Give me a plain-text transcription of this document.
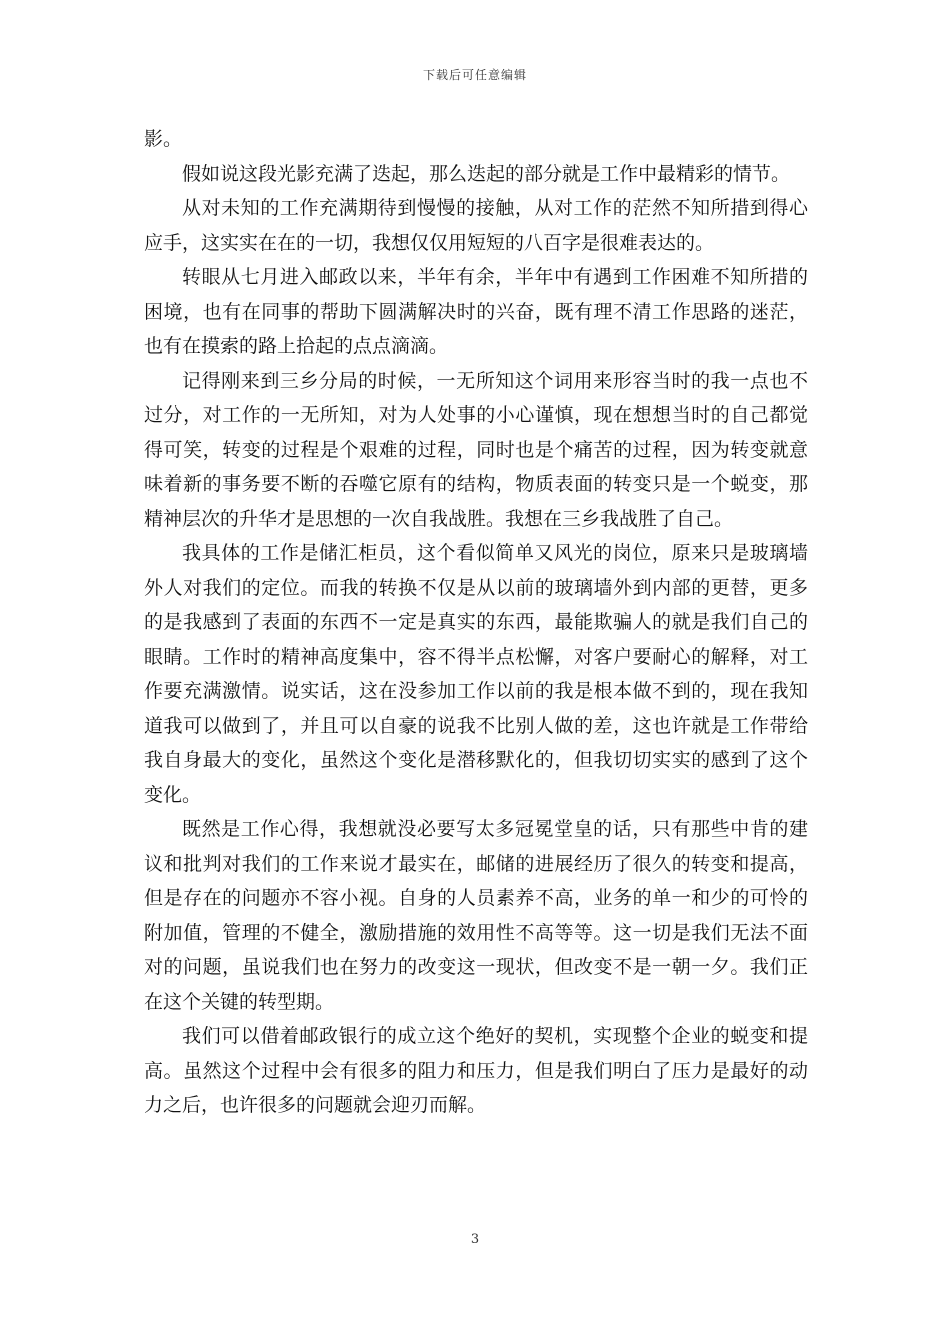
下载后可任意编辑

影。

假如说这段光影充满了迭起，那么迭起的部分就是工作中最精彩的情节。

从对未知的工作充满期待到慢慢的接触，从对工作的茫然不知所措到得心应手，这实实在在的一切，我想仅仅用短短的八百字是很难表达的。

转眼从七月进入邮政以来，半年有余，半年中有遇到工作困难不知所措的困境，也有在同事的帮助下圆满解决时的兴奋，既有理不清工作思路的迷茫，也有在摸索的路上拾起的点点滴滴。

记得刚来到三乡分局的时候，一无所知这个词用来形容当时的我一点也不过分，对工作的一无所知，对为人处事的小心谨慎，现在想想当时的自己都觉得可笑，转变的过程是个艰难的过程，同时也是个痛苦的过程，因为转变就意味着新的事务要不断的吞噬它原有的结构，物质表面的转变只是一个蜕变，那精神层次的升华才是思想的一次自我战胜。我想在三乡我战胜了自己。

我具体的工作是储汇柜员，这个看似简单又风光的岗位，原来只是玻璃墙外人对我们的定位。而我的转换不仅是从以前的玻璃墙外到内部的更替，更多的是我感到了表面的东西不一定是真实的东西，最能欺骗人的就是我们自己的眼睛。工作时的精神高度集中，容不得半点松懈，对客户要耐心的解释，对工作要充满激情。说实话，这在没参加工作以前的我是根本做不到的，现在我知道我可以做到了，并且可以自豪的说我不比别人做的差，这也许就是工作带给我自身最大的变化，虽然这个变化是潜移默化的，但我切切实实的感到了这个变化。

既然是工作心得，我想就没必要写太多冠冕堂皇的话，只有那些中肯的建议和批判对我们的工作来说才最实在，邮储的进展经历了很久的转变和提高，但是存在的问题亦不容小视。自身的人员素养不高，业务的单一和少的可怜的附加值，管理的不健全，激励措施的效用性不高等等。这一切是我们无法不面对的问题，虽说我们也在努力的改变这一现状，但改变不是一朝一夕。我们正在这个关键的转型期。

我们可以借着邮政银行的成立这个绝好的契机，实现整个企业的蜕变和提高。虽然这个过程中会有很多的阻力和压力，但是我们明白了压力是最好的动力之后，也许很多的问题就会迎刃而解。

3
